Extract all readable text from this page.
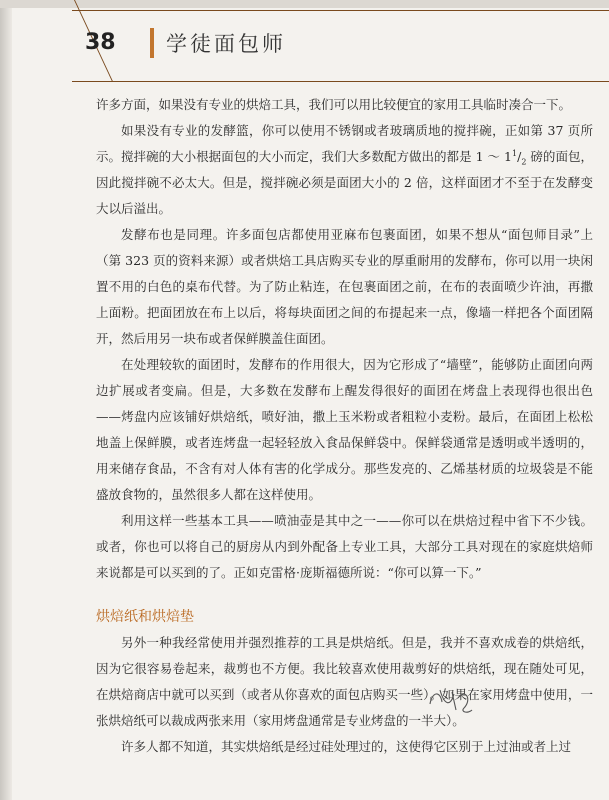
38 学徒面包师

许多方面，如果没有专业的烘焙工具，我们可以用比较便宜的家用工具临时凑合一下。

如果没有专业的发酵篮，你可以使用不锈钢或者玻璃质地的搅拌碗，正如第 37 页所示。搅拌碗的大小根据面包的大小而定，我们大多数配方做出的都是 1 ～ $1^1/_2$ 磅的面包，因此搅拌碗不必太大。但是，搅拌碗必须是面团大小的 2 倍，这样面团才不至于在发酵变大以后溢出。

发酵布也是同理。许多面包店都使用亚麻布包裹面团，如果不想从“面包师目录”上（第 323 页的资料来源）或者烘焙工具店购买专业的厚重耐用的发酵布，你可以用一块闲置不用的白色的桌布代替。为了防止粘连，在包裹面团之前，在布的表面喷少许油，再撒上面粉。把面团放在布上以后，将每块面团之间的布提起来一点，像墙一样把各个面团隔开，然后用另一块布或者保鲜膜盖住面团。

在处理较软的面团时，发酵布的作用很大，因为它形成了“墙壁”，能够防止面团向两边扩展或者变扁。但是，大多数在发酵布上醒发得很好的面团在烤盘上表现得也很出色——烤盘内应该铺好烘焙纸，喷好油，撒上玉米粉或者粗粒小麦粉。最后，在面团上松松地盖上保鲜膜，或者连烤盘一起轻轻放入食品保鲜袋中。保鲜袋通常是透明或半透明的，用来储存食品，不含有对人体有害的化学成分。那些发亮的、乙烯基材质的垃圾袋是不能盛放食物的，虽然很多人都在这样使用。

利用这样一些基本工具——喷油壶是其中之一——你可以在烘焙过程中省下不少钱。或者，你也可以将自己的厨房从内到外配备上专业工具，大部分工具对现在的家庭烘焙师来说都是可以买到的了。正如克雷格·庞斯福德所说：“你可以算一下。”

烘焙纸和烘焙垫

另外一种我经常使用并强烈推荐的工具是烘焙纸。但是，我并不喜欢成卷的烘焙纸，因为它很容易卷起来，裁剪也不方便。我比较喜欢使用裁剪好的烘焙纸，现在随处可见，在烘焙商店中就可以买到（或者从你喜欢的面包店购买一些）。如果在家用烤盘中使用，一张烘焙纸可以裁成两张来用（家用烤盘通常是专业烤盘的一半大）。

许多人都不知道，其实烘焙纸是经过硅处理过的，这使得它区别于上过油或者上过
